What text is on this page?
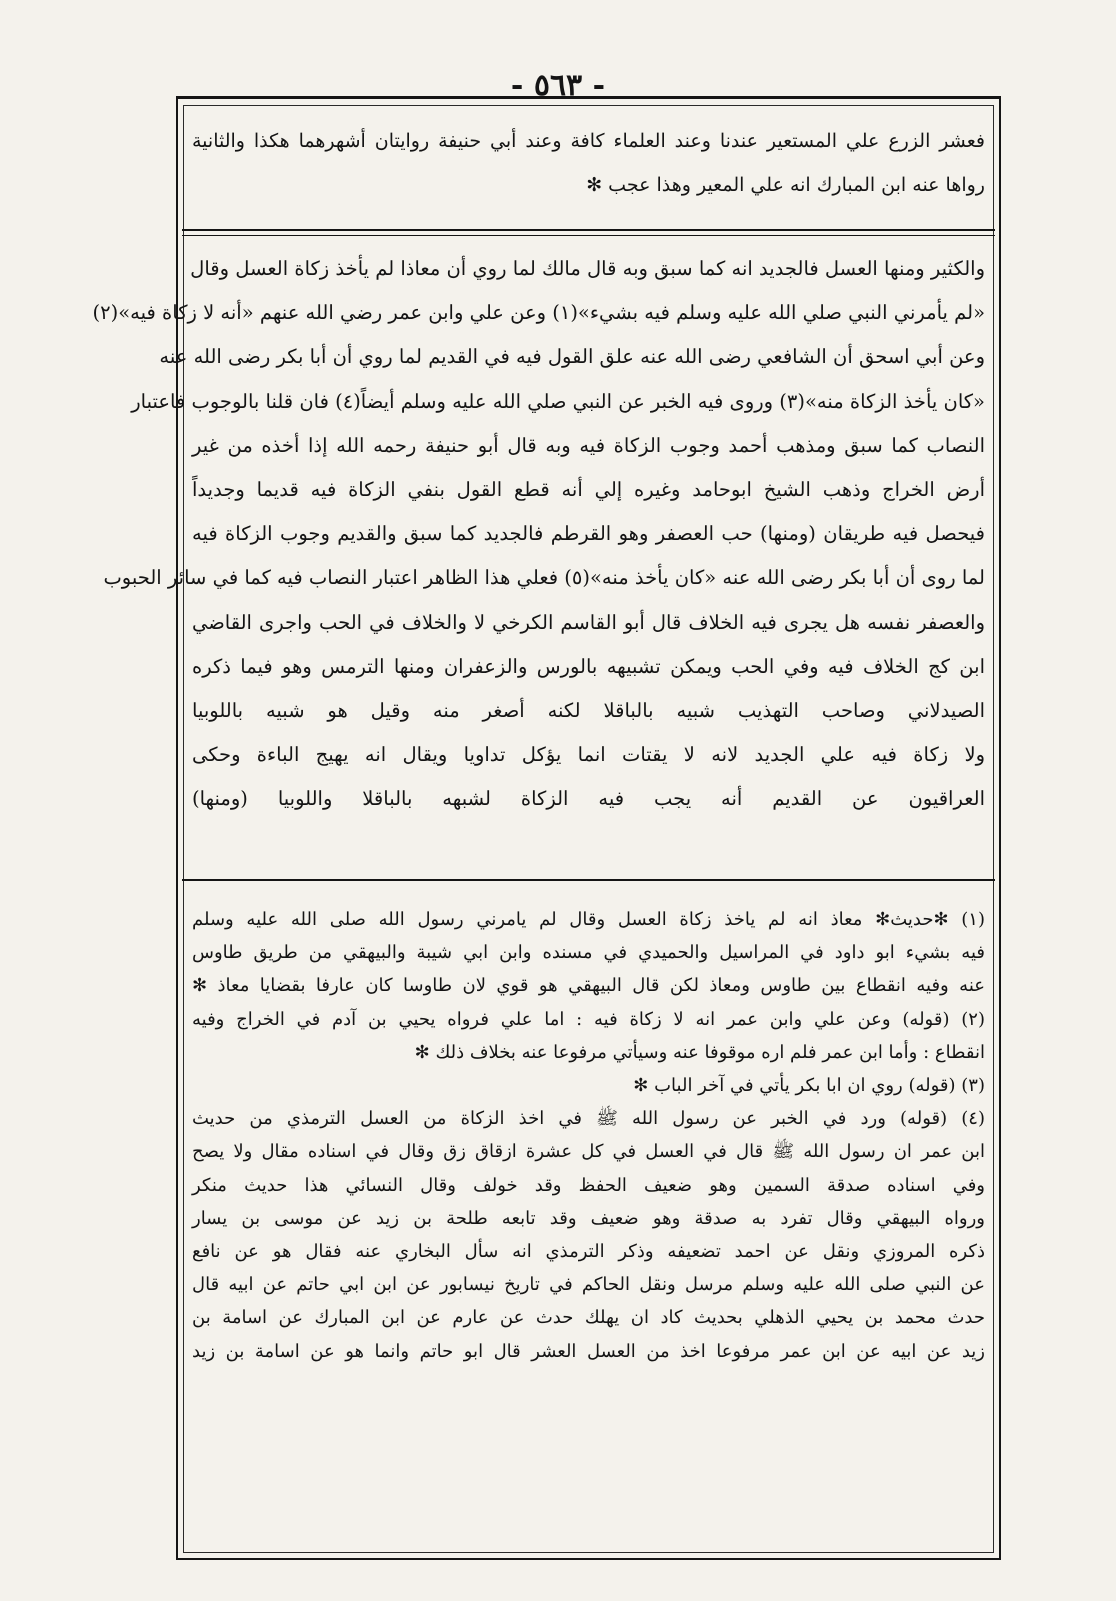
- ٥٦٣ -
فعشر الزرع علي المستعير عندنا وعند العلماء كافة وعند أبي حنيفة روايتان أشهرهما هكذا والثانية
رواها عنه ابن المبارك انه علي المعير وهذا عجب ✻
والكثير ومنها العسل فالجديد انه كما سبق وبه قال مالك لما روي أن معاذا لم يأخذ زكاة العسل وقال
«لم يأمرني النبي صلي الله عليه وسلم فيه بشيء»(١) وعن علي وابن عمر رضي الله عنهم «أنه لا زكاة فيه»(٢)
وعن أبي اسحق أن الشافعي رضى الله عنه علق القول فيه في القديم لما روي أن أبا بكر رضى الله عنه
«كان يأخذ الزكاة منه»(٣) وروى فيه الخبر عن النبي صلي الله عليه وسلم أيضاً(٤) فان قلنا بالوجوب فاعتبار
النصاب كما سبق ومذهب أحمد وجوب الزكاة فيه وبه قال أبو حنيفة رحمه الله إذا أخذه من غير
أرض الخراج وذهب الشيخ ابوحامد وغيره إلي أنه قطع القول بنفي الزكاة فيه قديما وجديداً
فيحصل فيه طريقان (ومنها) حب العصفر وهو القرطم فالجديد كما سبق والقديم وجوب الزكاة فيه
لما روى أن أبا بكر رضى الله عنه «كان يأخذ منه»(٥) فعلي هذا الظاهر اعتبار النصاب فيه كما في سائر الحبوب
والعصفر نفسه هل يجرى فيه الخلاف قال أبو القاسم الكرخي لا والخلاف في الحب واجرى القاضي
ابن كج الخلاف فيه وفي الحب ويمكن تشبيهه بالورس والزعفران ومنها الترمس وهو فيما ذكره
الصيدلاني وصاحب التهذيب شبيه بالباقلا لكنه أصغر منه وقيل هو شبيه باللوبيا
ولا زكاة فيه علي الجديد لانه لا يقتات انما يؤكل تداويا ويقال انه يهيج الباءة وحكى
العراقيون عن القديم أنه يجب فيه الزكاة لشبهه بالباقلا واللوبيا (ومنها)
(١) ✻حديث✻ معاذ انه لم ياخذ زكاة العسل وقال لم يامرني رسول الله صلى الله عليه وسلم
فيه بشيء ابو داود في المراسيل والحميدي في مسنده وابن ابي شيبة والبيهقي من طريق طاوس
عنه وفيه انقطاع بين طاوس ومعاذ لكن قال البيهقي هو قوي لان طاوسا كان عارفا بقضايا معاذ ✻
(٢) (قوله) وعن علي وابن عمر انه لا زكاة فيه : اما علي فرواه يحيي بن آدم في الخراج وفيه
انقطاع : وأما ابن عمر فلم اره موقوفا عنه وسيأتي مرفوعا عنه بخلاف ذلك ✻
(٣) (قوله) روي ان ابا بكر يأتي في آخر الباب ✻
(٤) (قوله) ورد في الخبر عن رسول الله ﷺ في اخذ الزكاة من العسل الترمذي من حديث
ابن عمر ان رسول الله ﷺ قال في العسل في كل عشرة ازقاق زق وقال في اسناده مقال ولا يصح
وفي اسناده صدقة السمين وهو ضعيف الحفظ وقد خولف وقال النسائي هذا حديث منكر
ورواه البيهقي وقال تفرد به صدقة وهو ضعيف وقد تابعه طلحة بن زيد عن موسى بن يسار
ذكره المروزي ونقل عن احمد تضعيفه وذكر الترمذي انه سأل البخاري عنه فقال هو عن نافع
عن النبي صلى الله عليه وسلم مرسل ونقل الحاكم في تاريخ نيسابور عن ابن ابي حاتم عن ابيه قال
حدث محمد بن يحيي الذهلي بحديث كاد ان يهلك حدث عن عارم عن ابن المبارك عن اسامة بن
زيد عن ابيه عن ابن عمر مرفوعا اخذ من العسل العشر قال ابو حاتم وانما هو عن اسامة بن زيد
